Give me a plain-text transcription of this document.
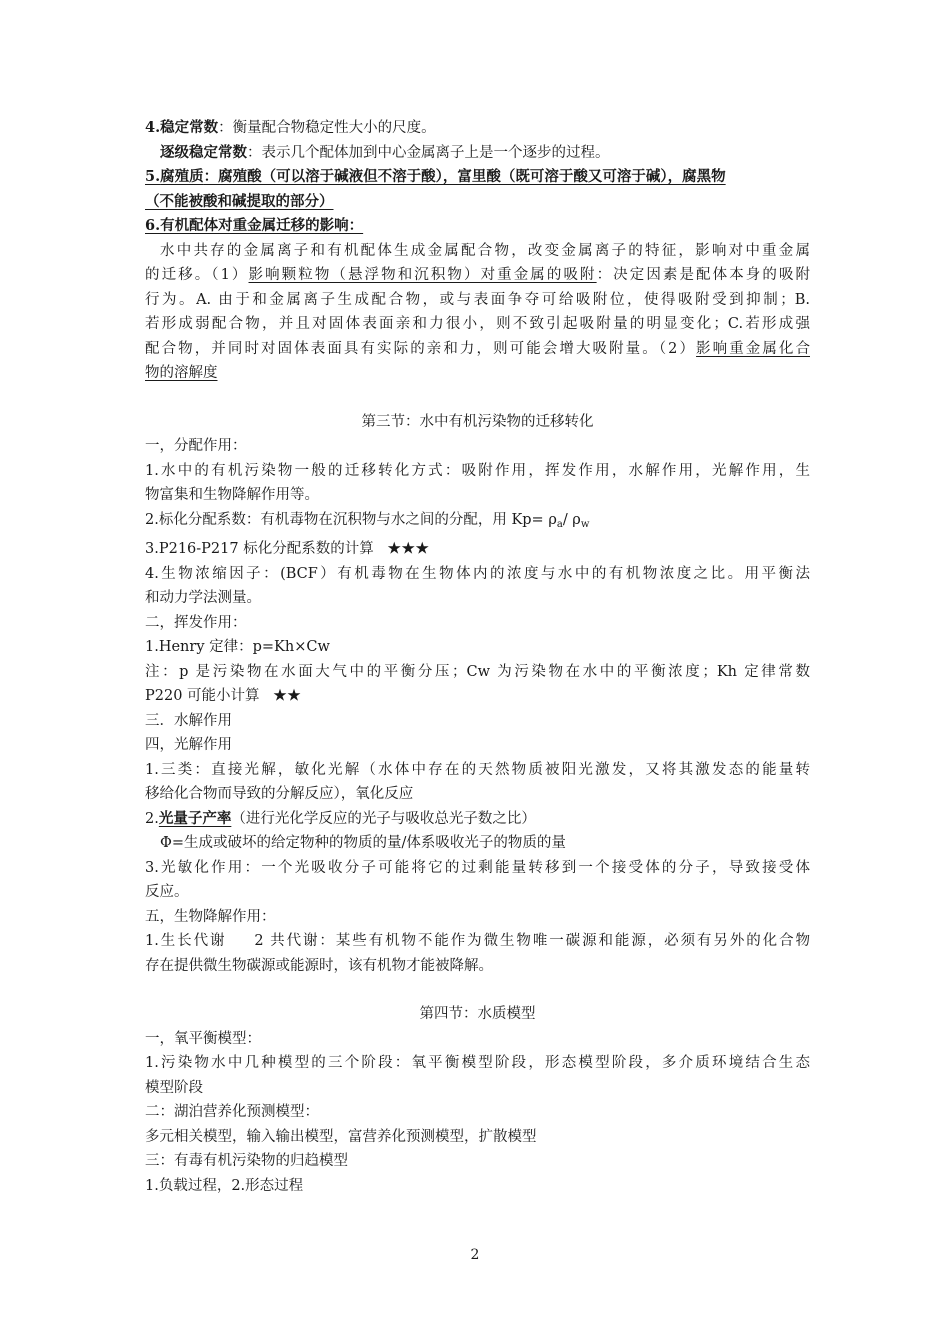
4.稳定常数：衡量配合物稳定性大小的尺度。
逐级稳定常数：表示几个配体加到中心金属离子上是一个逐步的过程。
5.腐殖质：腐殖酸（可以溶于碱液但不溶于酸），富里酸（既可溶于酸又可溶于碱），腐黑物
（不能被酸和碱提取的部分）
6.有机配体对重金属迁移的影响：
水中共存的金属离子和有机配体生成金属配合物，改变金属离子的特征，影响对中重金属
的迁移。（1）影响颗粒物（悬浮物和沉积物）对重金属的吸附：决定因素是配体本身的吸附
行为。A. 由于和金属离子生成配合物，或与表面争夺可给吸附位，使得吸附受到抑制；B.
若形成弱配合物，并且对固体表面亲和力很小，则不致引起吸附量的明显变化；C.若形成强
配合物，并同时对固体表面具有实际的亲和力，则可能会增大吸附量。（2）影响重金属化合
物的溶解度
第三节：水中有机污染物的迁移转化
一，分配作用：
1.水中的有机污染物一般的迁移转化方式：吸附作用，挥发作用，水解作用，光解作用，生
物富集和生物降解作用等。
2.标化分配系数：有机毒物在沉积物与水之间的分配，用 $Kp= \rho_a/$ $\rho_w$
3.P216-P217 标化分配系数的计算 ★★★
4.生物浓缩因子：(BCF）有机毒物在生物体内的浓度与水中的有机物浓度之比。用平衡法
和动力学法测量。
二，挥发作用：
1.Henry 定律：p=Kh×Cw
注：p 是污染物在水面大气中的平衡分压；Cw 为污染物在水中的平衡浓度；Kh 定律常数
P220 可能小计算 ★★
三．水解作用
四，光解作用
1.三类：直接光解，敏化光解（水体中存在的天然物质被阳光激发，又将其激发态的能量转
移给化合物而导致的分解反应），氧化反应
2.光量子产率（进行光化学反应的光子与吸收总光子数之比）
Φ=生成或破坏的给定物种的物质的量/体系吸收光子的物质的量
3.光敏化作用：一个光吸收分子可能将它的过剩能量转移到一个接受体的分子，导致接受体
反应。
五，生物降解作用：
1.生长代谢 2 共代谢：某些有机物不能作为微生物唯一碳源和能源，必须有另外的化合物
存在提供微生物碳源或能源时，该有机物才能被降解。
第四节：水质模型
一，氧平衡模型：
1.污染物水中几种模型的三个阶段：氧平衡模型阶段，形态模型阶段，多介质环境结合生态
模型阶段
二：湖泊营养化预测模型：
多元相关模型，输入输出模型，富营养化预测模型，扩散模型
三：有毒有机污染物的归趋模型
1.负载过程，2.形态过程
2
